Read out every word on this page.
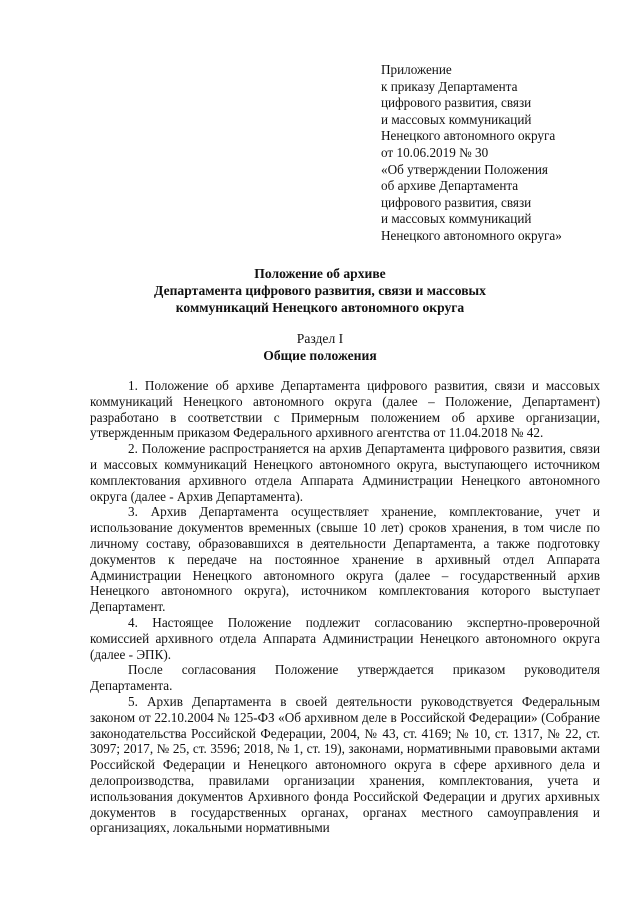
Приложение
к приказу Департамента
цифрового развития, связи
и массовых коммуникаций
Ненецкого автономного округа
от 10.06.2019 № 30
«Об утверждении Положения
об архиве Департамента
цифрового развития, связи
и массовых коммуникаций
Ненецкого автономного округа»
Положение об архиве
Департамента цифрового развития, связи и массовых
коммуникаций Ненецкого автономного округа
Раздел I
Общие положения

1. Положение об архиве Департамента цифрового развития, связи и массовых коммуникаций Ненецкого автономного округа (далее – Положение, Департамент) разработано в соответствии с Примерным положением об архиве организации, утвержденным приказом Федерального архивного агентства от 11.04.2018 № 42.

2. Положение распространяется на архив Департамента цифрового развития, связи и массовых коммуникаций Ненецкого автономного округа, выступающего источником комплектования архивного отдела Аппарата Администрации Ненецкого автономного округа (далее - Архив Департамента).

3. Архив Департамента осуществляет хранение, комплектование, учет и использование документов временных (свыше 10 лет) сроков хранения, в том числе по личному составу, образовавшихся в деятельности Департамента, а также подготовку документов к передаче на постоянное хранение в архивный отдел Аппарата Администрации Ненецкого автономного округа (далее – государственный архив Ненецкого автономного округа), источником комплектования которого выступает Департамент.

4. Настоящее Положение подлежит согласованию экспертно-проверочной комиссией архивного отдела Аппарата Администрации Ненецкого автономного округа (далее - ЭПК).

После согласования Положение утверждается приказом руководителя Департамента.

5. Архив Департамента в своей деятельности руководствуется Федеральным законом от 22.10.2004 № 125-ФЗ «Об архивном деле в Российской Федерации» (Собрание законодательства Российской Федерации, 2004, № 43, ст. 4169; № 10, ст. 1317, № 22, ст. 3097; 2017, № 25, ст. 3596; 2018, № 1, ст. 19), законами, нормативными правовыми актами Российской Федерации и Ненецкого автономного округа в сфере архивного дела и делопроизводства, правилами организации хранения, комплектования, учета и использования документов Архивного фонда Российской Федерации и других архивных документов в государственных органах, органах местного самоуправления и организациях, локальными нормативными
